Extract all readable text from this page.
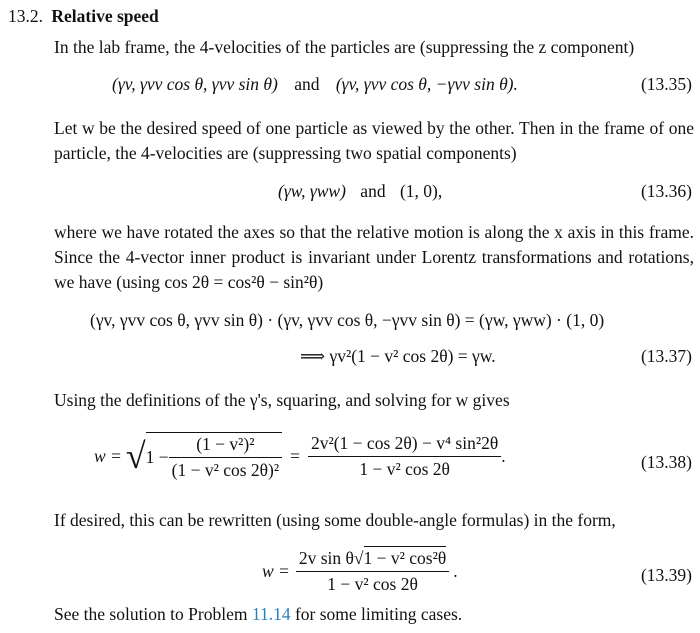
13.2. Relative speed
In the lab frame, the 4-velocities of the particles are (suppressing the z component)
(γv, γvv cos θ, γvv sin θ) and (γv, γvv cos θ, −γvv sin θ).	(13.35)
Let w be the desired speed of one particle as viewed by the other. Then in the frame of one particle, the 4-velocities are (suppressing two spatial components)
(γw, γww) and (1, 0),	(13.36)
where we have rotated the axes so that the relative motion is along the x axis in this frame. Since the 4-vector inner product is invariant under Lorentz transformations and rotations, we have (using cos 2θ = cos²θ − sin²θ)
(γv, γvv cos θ, γvv sin θ) · (γv, γvv cos θ, −γvv sin θ) = (γw, γww) · (1, 0)
⟹ γv²(1 − v² cos 2θ) = γw.	(13.37)
Using the definitions of the γ's, squaring, and solving for w gives
w = √ $1 - \frac{\text{(1 − v²)²}}{\text{(1 − v² cos 2θ)²}} = \frac{\text{2v²(1 − cos 2θ) − v⁴ sin²2θ}}{\text{1 − v² cos 2θ}}$ .	(13.38)
If desired, this can be rewritten (using some double-angle formulas) in the form,
$w = \frac{\text{2v sin θ√1 − v² cos²θ}}{\text{1 − v² cos 2θ}}$ .	(13.39)
See the solution to Problem 11.14 for some limiting cases.
